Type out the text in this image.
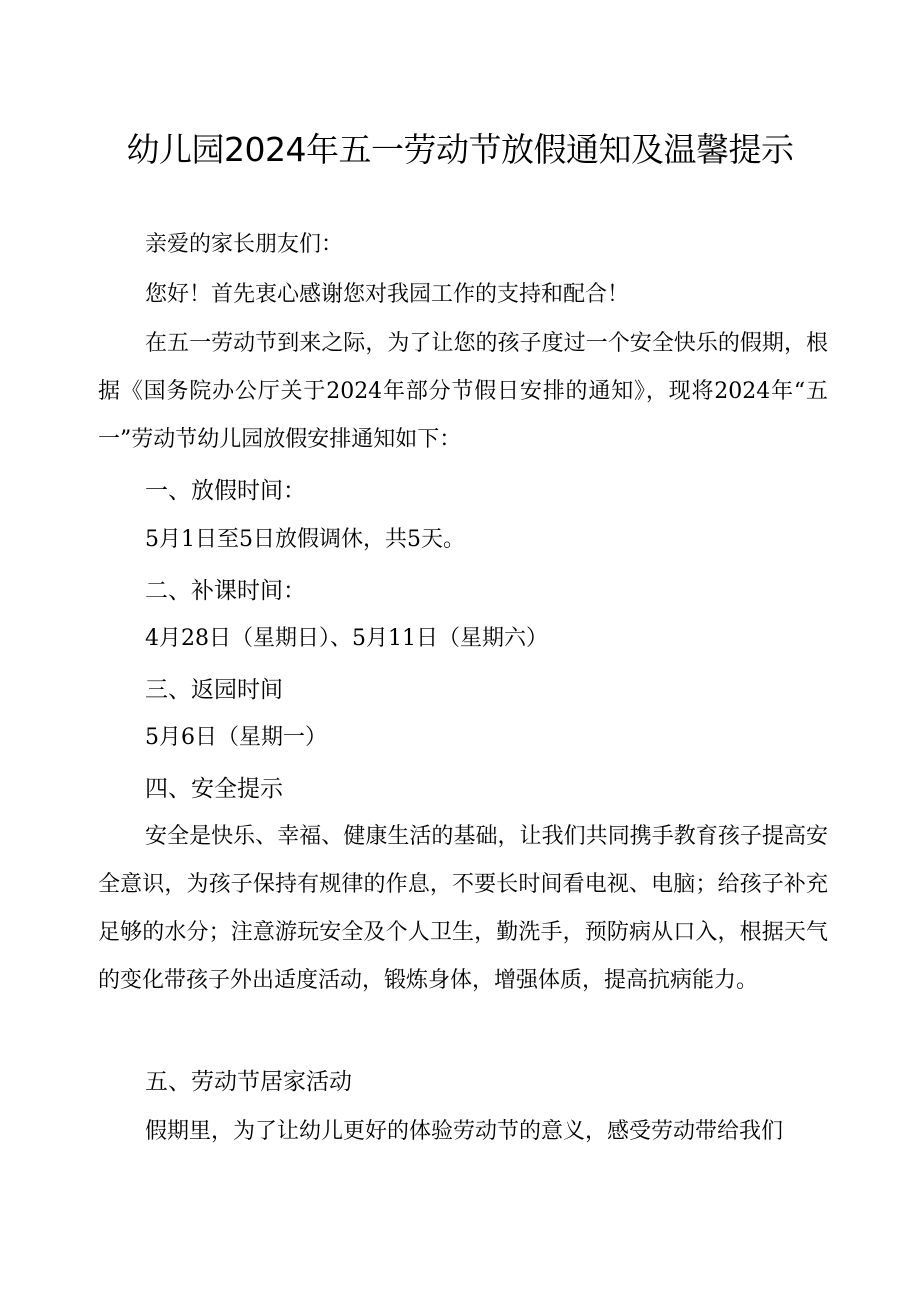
幼儿园2024年五一劳动节放假通知及温馨提示

亲爱的家长朋友们：

您好！首先衷心感谢您对我园工作的支持和配合！

在五一劳动节到来之际，为了让您的孩子度过一个安全快乐的假期，根据《国务院办公厅关于2024年部分节假日安排的通知》，现将2024年“五一”劳动节幼儿园放假安排通知如下：

一、放假时间：

5月1日至5日放假调休，共5天。

二、补课时间：

4月28日（星期日）、5月11日（星期六）

三、返园时间

5月6日（星期一）

四、安全提示

安全是快乐、幸福、健康生活的基础，让我们共同携手教育孩子提高安全意识，为孩子保持有规律的作息，不要长时间看电视、电脑；给孩子补充足够的水分；注意游玩安全及个人卫生，勤洗手，预防病从口入，根据天气的变化带孩子外出适度活动，锻炼身体，增强体质，提高抗病能力。

五、劳动节居家活动

假期里，为了让幼儿更好的体验劳动节的意义，感受劳动带给我们
